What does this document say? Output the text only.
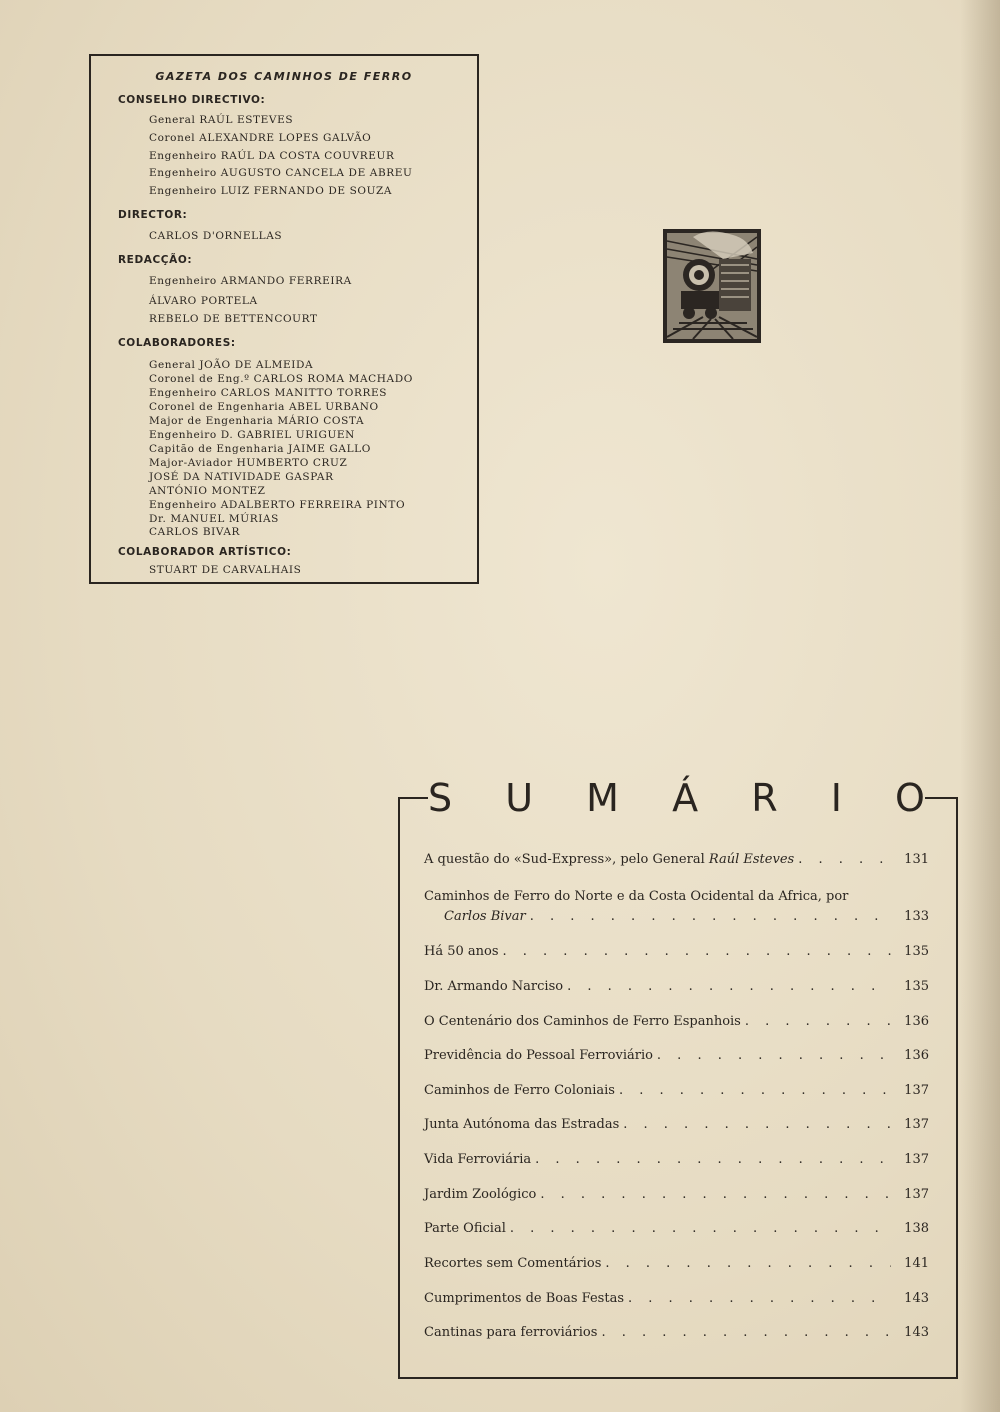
GAZETA DOS CAMINHOS DE FERRO
CONSELHO DIRECTIVO:
General RAÚL ESTEVES
Coronel ALEXANDRE LOPES GALVÃO
Engenheiro RAÚL DA COSTA COUVREUR
Engenheiro AUGUSTO CANCELA DE ABREU
Engenheiro LUIZ FERNANDO DE SOUZA
DIRECTOR:
CARLOS D'ORNELLAS
REDACÇÃO:
Engenheiro ARMANDO FERREIRA
ÁLVARO PORTELA
REBELO DE BETTENCOURT
COLABORADORES:
General JOÃO DE ALMEIDA
Coronel de Eng.º CARLOS ROMA MACHADO
Engenheiro CARLOS MANITTO TORRES
Coronel de Engenharia ABEL URBANO
Major de Engenharia MÁRIO COSTA
Engenheiro D. GABRIEL URIGUEN
Capitão de Engenharia JAIME GALLO
Major-Aviador HUMBERTO CRUZ
JOSÉ DA NATIVIDADE GASPAR
ANTÓNIO MONTEZ
Engenheiro ADALBERTO FERREIRA PINTO
Dr. MANUEL MÚRIAS
CARLOS BIVAR
COLABORADOR ARTÍSTICO:
STUART DE CARVALHAIS
S U M Á R I O
A questão do «Sud-Express», pelo General Raúl Esteves . . .	131
Caminhos de Ferro do Norte e da Costa Ocidental da Africa, por
Carlos Bivar . . .	133
Há 50 anos . . .	135
Dr. Armando Narciso . . .	135
O Centenário dos Caminhos de Ferro Espanhois . . .	136
Previdência do Pessoal Ferroviário . . .	136
Caminhos de Ferro Coloniais . . .	137
Junta Autónoma das Estradas . . .	137
Vida Ferroviária . . .	137
Jardim Zoológico . . .	137
Parte Oficial . . .	138
Recortes sem Comentários . . .	141
Cumprimentos de Boas Festas . . .	143
Cantinas para ferroviários . . .	143
